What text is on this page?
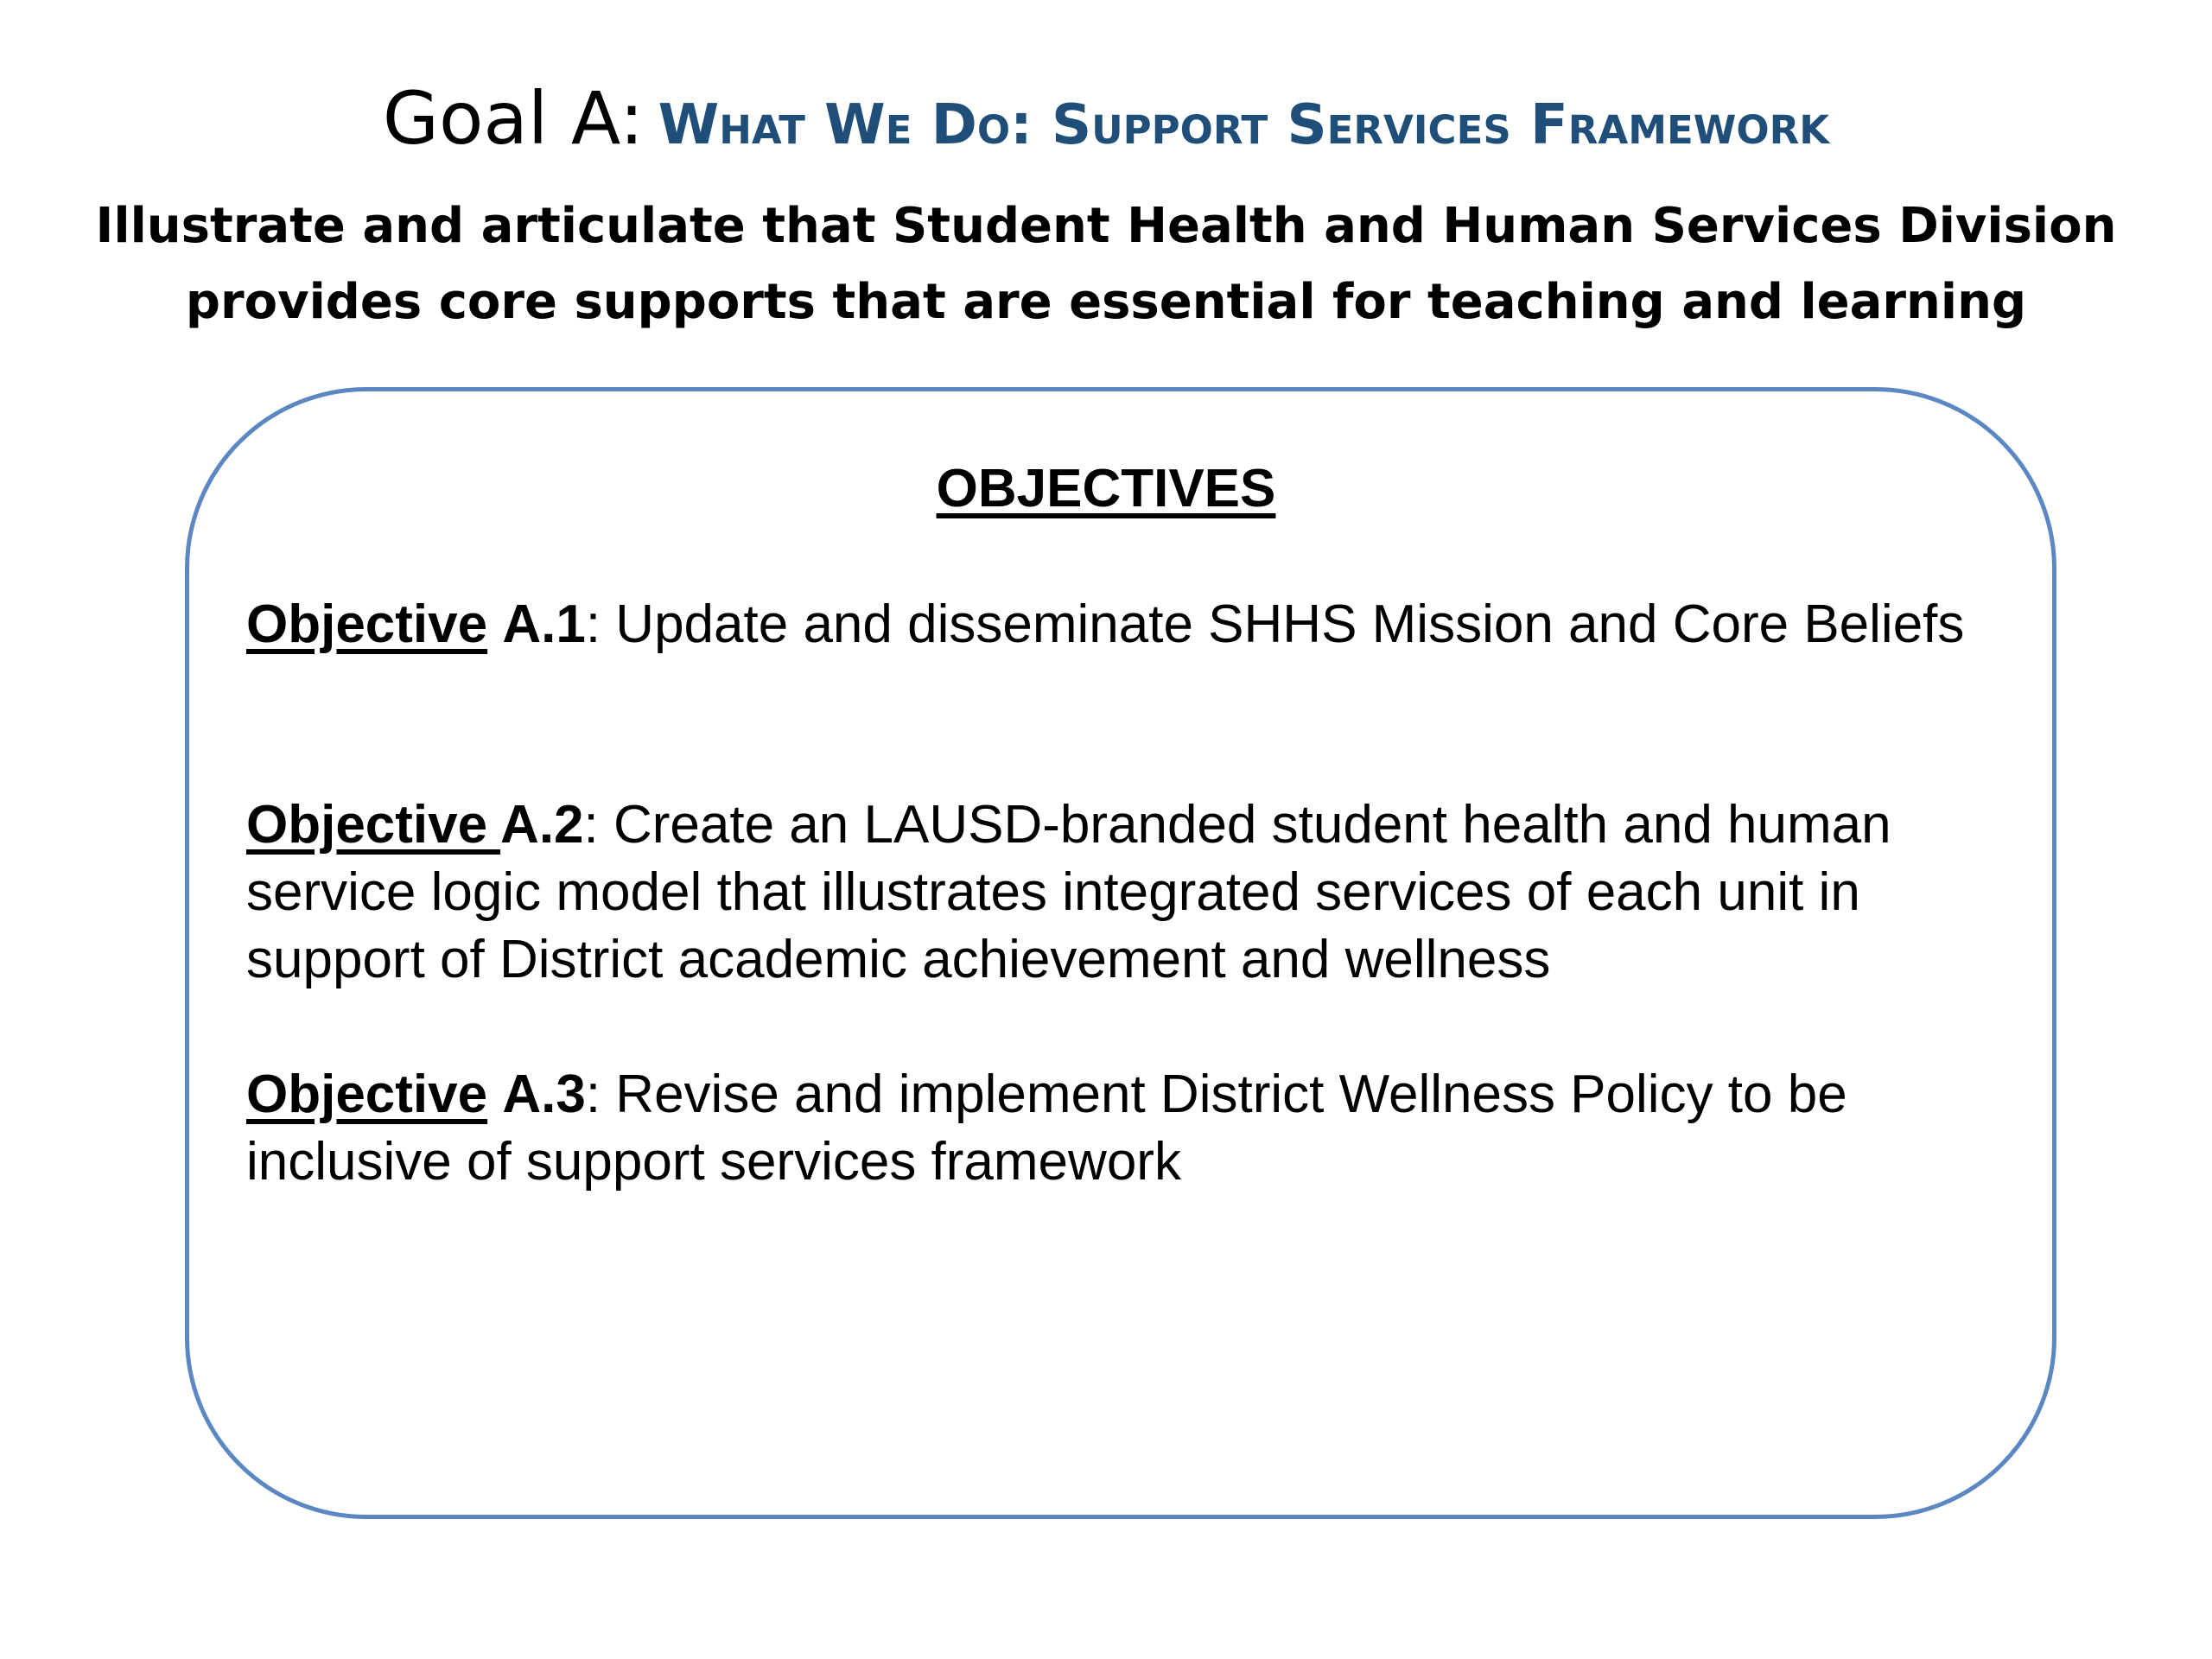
Goal A: What We Do: Support Services Framework
Illustrate and articulate that Student Health and Human Services Division
provides core supports that are essential for teaching and learning
OBJECTIVES
Objective A.1: Update and disseminate SHHS Mission and Core Beliefs
Objective A.2: Create an LAUSD-branded student health and human service logic model that illustrates integrated services of each unit in support of District academic achievement and wellness
Objective A.3: Revise and implement District Wellness Policy to be inclusive of support services framework
